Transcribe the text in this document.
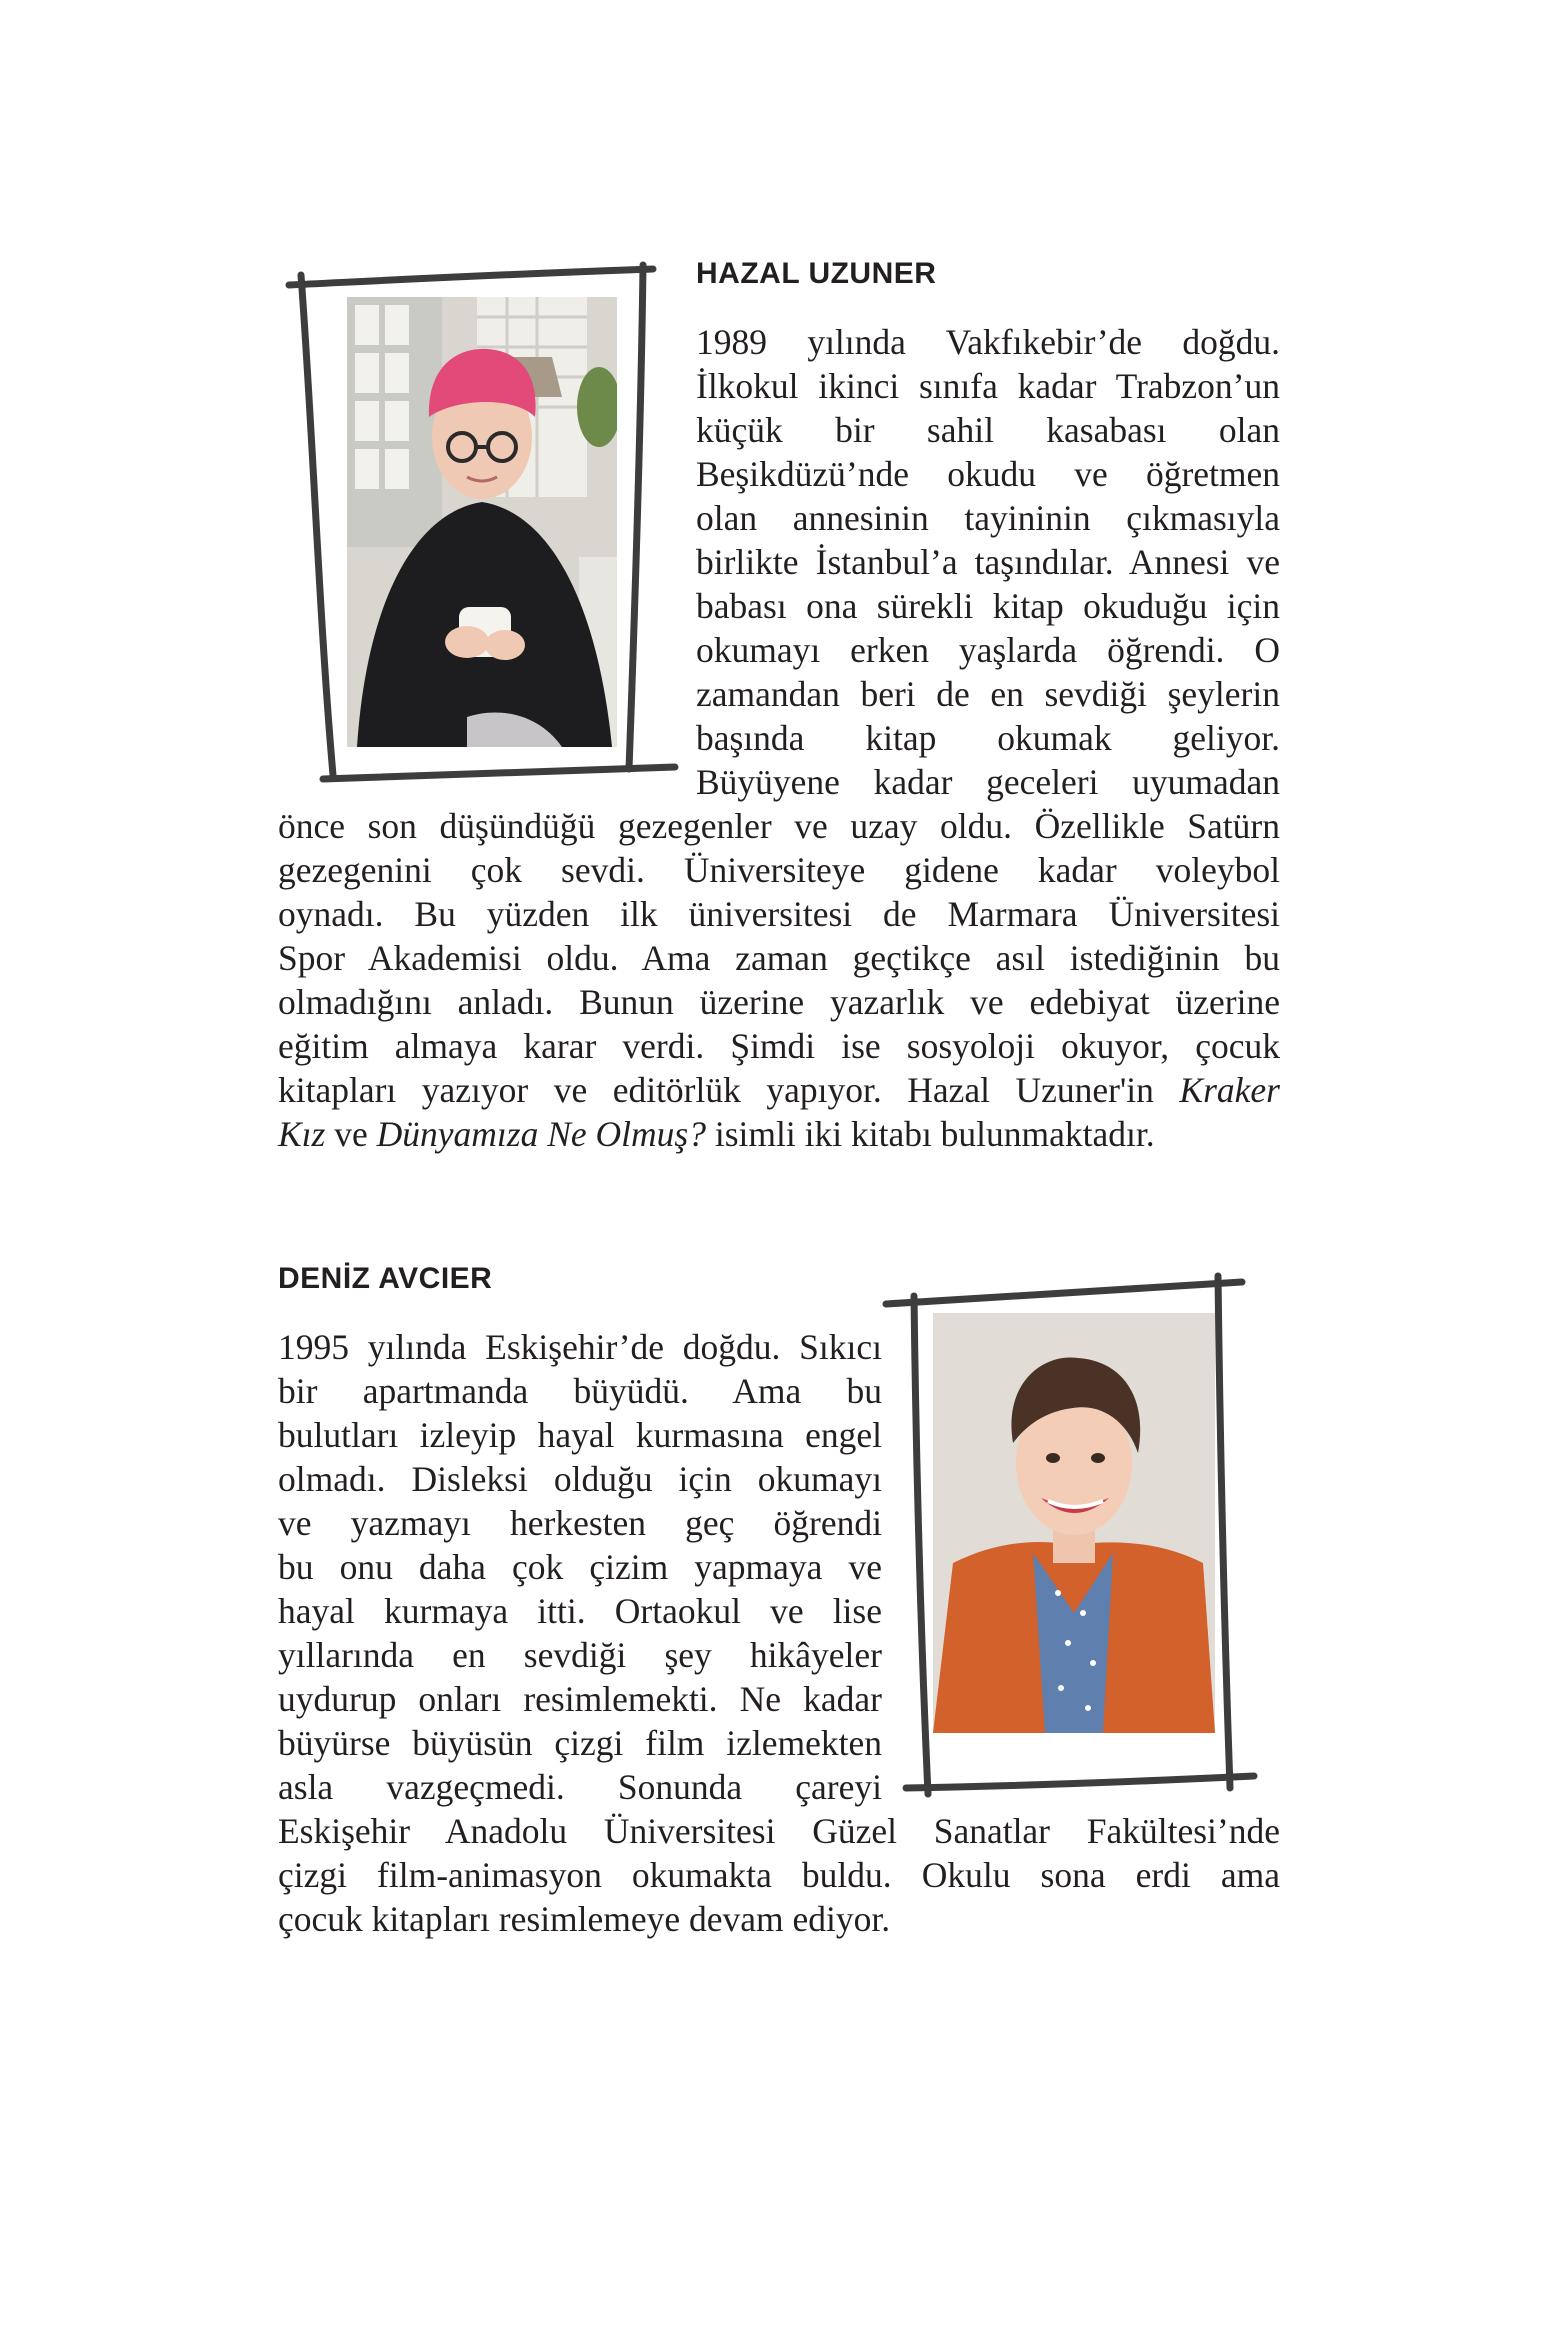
HAZAL UZUNER
1989 yılında Vakfıkebir’de doğdu.
İlkokul ikinci sınıfa kadar Trabzon’un
küçük bir sahil kasabası olan
Beşikdüzü’nde okudu ve öğretmen
olan annesinin tayininin çıkmasıyla
birlikte İstanbul’a taşındılar. Annesi ve
babası ona sürekli kitap okuduğu için
okumayı erken yaşlarda öğrendi. O
zamandan beri de en sevdiği şeylerin
başında kitap okumak geliyor.
Büyüyene kadar geceleri uyumadan
önce son düşündüğü gezegenler ve uzay oldu. Özellikle Satürn
gezegenini çok sevdi. Üniversiteye gidene kadar voleybol
oynadı. Bu yüzden ilk üniversitesi de Marmara Üniversitesi
Spor Akademisi oldu. Ama zaman geçtikçe asıl istediğinin bu
olmadığını anladı. Bunun üzerine yazarlık ve edebiyat üzerine
eğitim almaya karar verdi. Şimdi ise sosyoloji okuyor, çocuk
kitapları yazıyor ve editörlük yapıyor. Hazal Uzuner'in Kraker
Kız ve Dünyamıza Ne Olmuş? isimli iki kitabı bulunmaktadır.
DENİZ AVCIER
1995 yılında Eskişehir’de doğdu. Sıkıcı
bir apartmanda büyüdü. Ama bu
bulutları izleyip hayal kurmasına engel
olmadı. Disleksi olduğu için okumayı
ve yazmayı herkesten geç öğrendi
bu onu daha çok çizim yapmaya ve
hayal kurmaya itti. Ortaokul ve lise
yıllarında en sevdiği şey hikâyeler
uydurup onları resimlemekti. Ne kadar
büyürse büyüsün çizgi film izlemekten
asla vazgeçmedi. Sonunda çareyi
Eskişehir Anadolu Üniversitesi Güzel Sanatlar Fakültesi’nde
çizgi film-animasyon okumakta buldu. Okulu sona erdi ama
çocuk kitapları resimlemeye devam ediyor.
